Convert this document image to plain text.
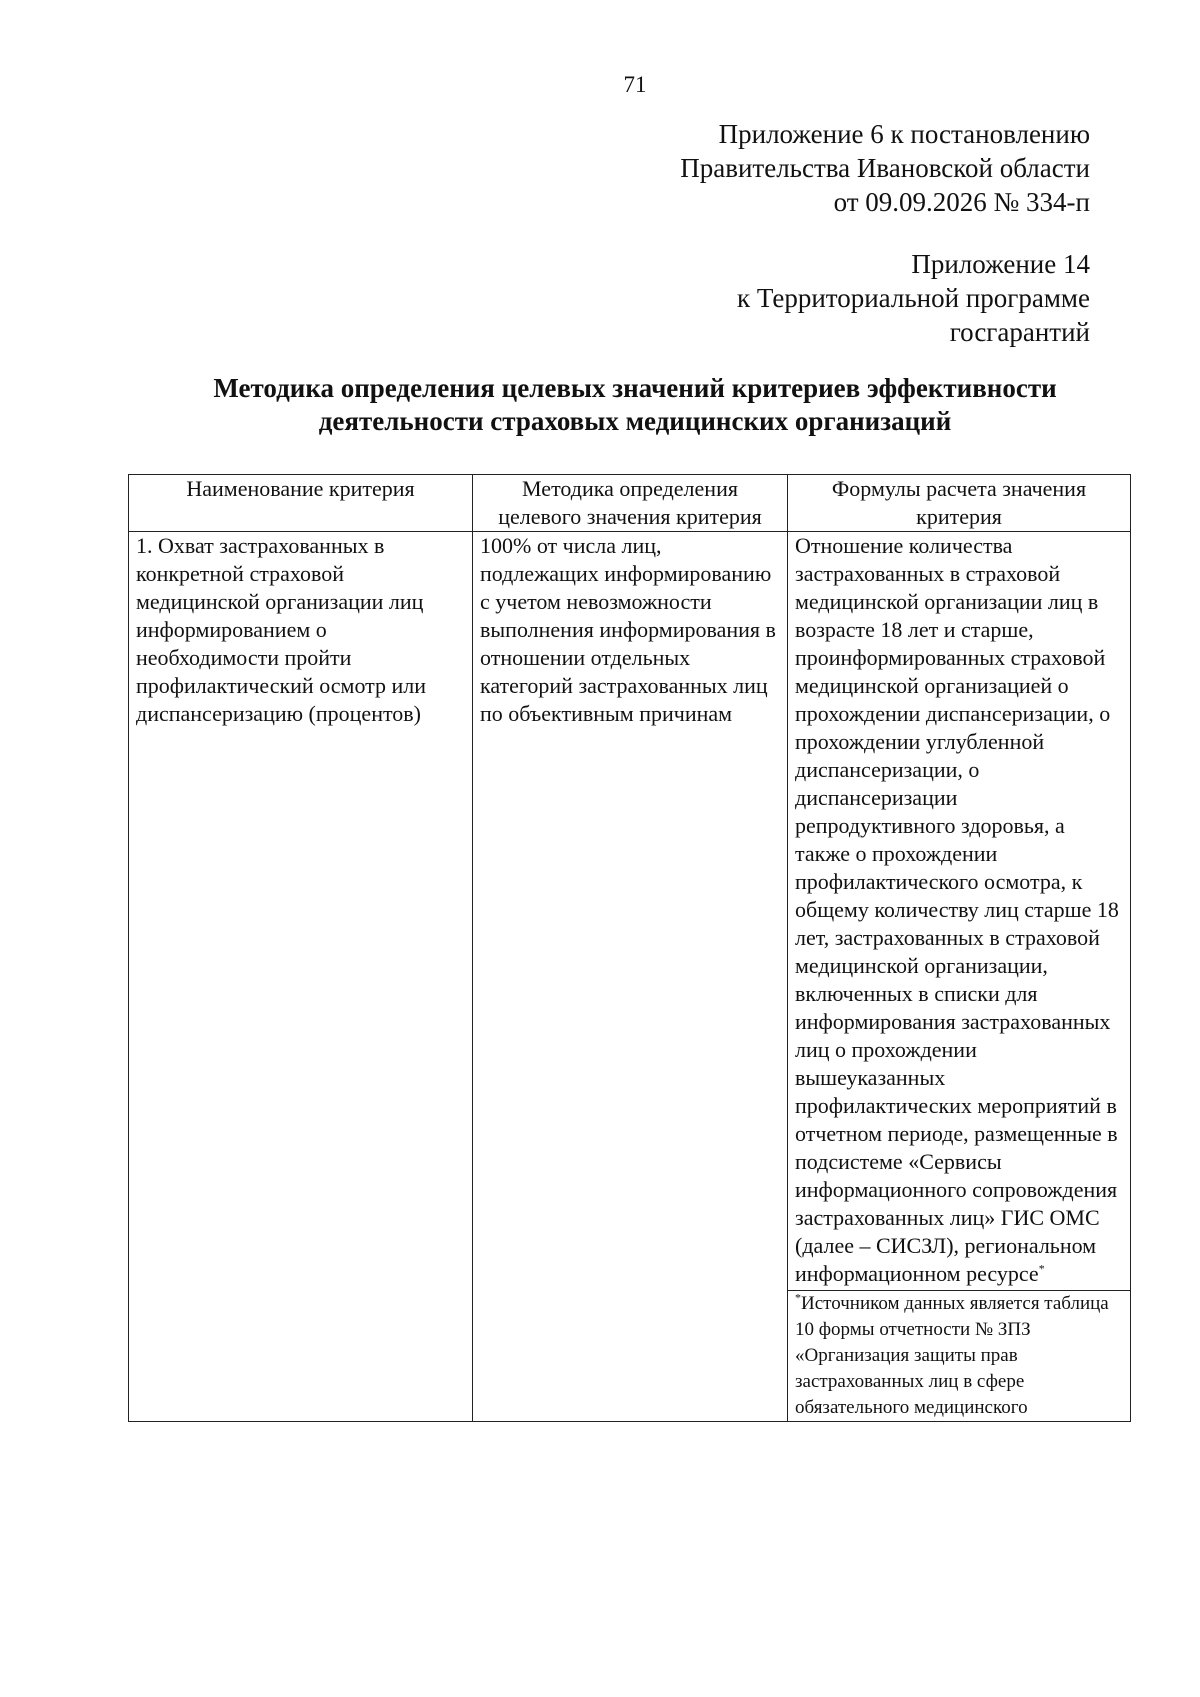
71
Приложение 6 к постановлению
Правительства Ивановской области
от 09.09.2026 № 334-п
Приложение 14
к Территориальной программе
госгарантий
Методика определения целевых значений критериев эффективности
деятельности страховых медицинских организаций
Наименование критерия	Методика определения целевого значения критерия	Формулы расчета значения критерия
1. Охват застрахованных в конкретной страховой медицинской организации лиц информированием о необходимости пройти профилактический осмотр или диспансеризацию (процентов)	100% от числа лиц, подлежащих информированию с учетом невозможности выполнения информирования в отношении отдельных категорий застрахованных лиц по объективным причинам	Отношение количества застрахованных в страховой медицинской организации лиц в возрасте 18 лет и старше, проинформированных страховой медицинской организацией о прохождении диспансеризации, о прохождении углубленной диспансеризации, о диспансеризации репродуктивного здоровья, а также о прохождении профилактического осмотра, к общему количеству лиц старше 18 лет, застрахованных в страховой медицинской организации, включенных в списки для информирования застрахованных лиц о прохождении вышеуказанных профилактических мероприятий в отчетном периоде, размещенные в подсистеме «Сервисы информационного сопровождения застрахованных лиц» ГИС ОМС (далее – СИСЗЛ), региональном информационном ресурсе*
*Источником данных является таблица 10 формы отчетности № ЗПЗ «Организация защиты прав застрахованных лиц в сфере обязательного медицинского
